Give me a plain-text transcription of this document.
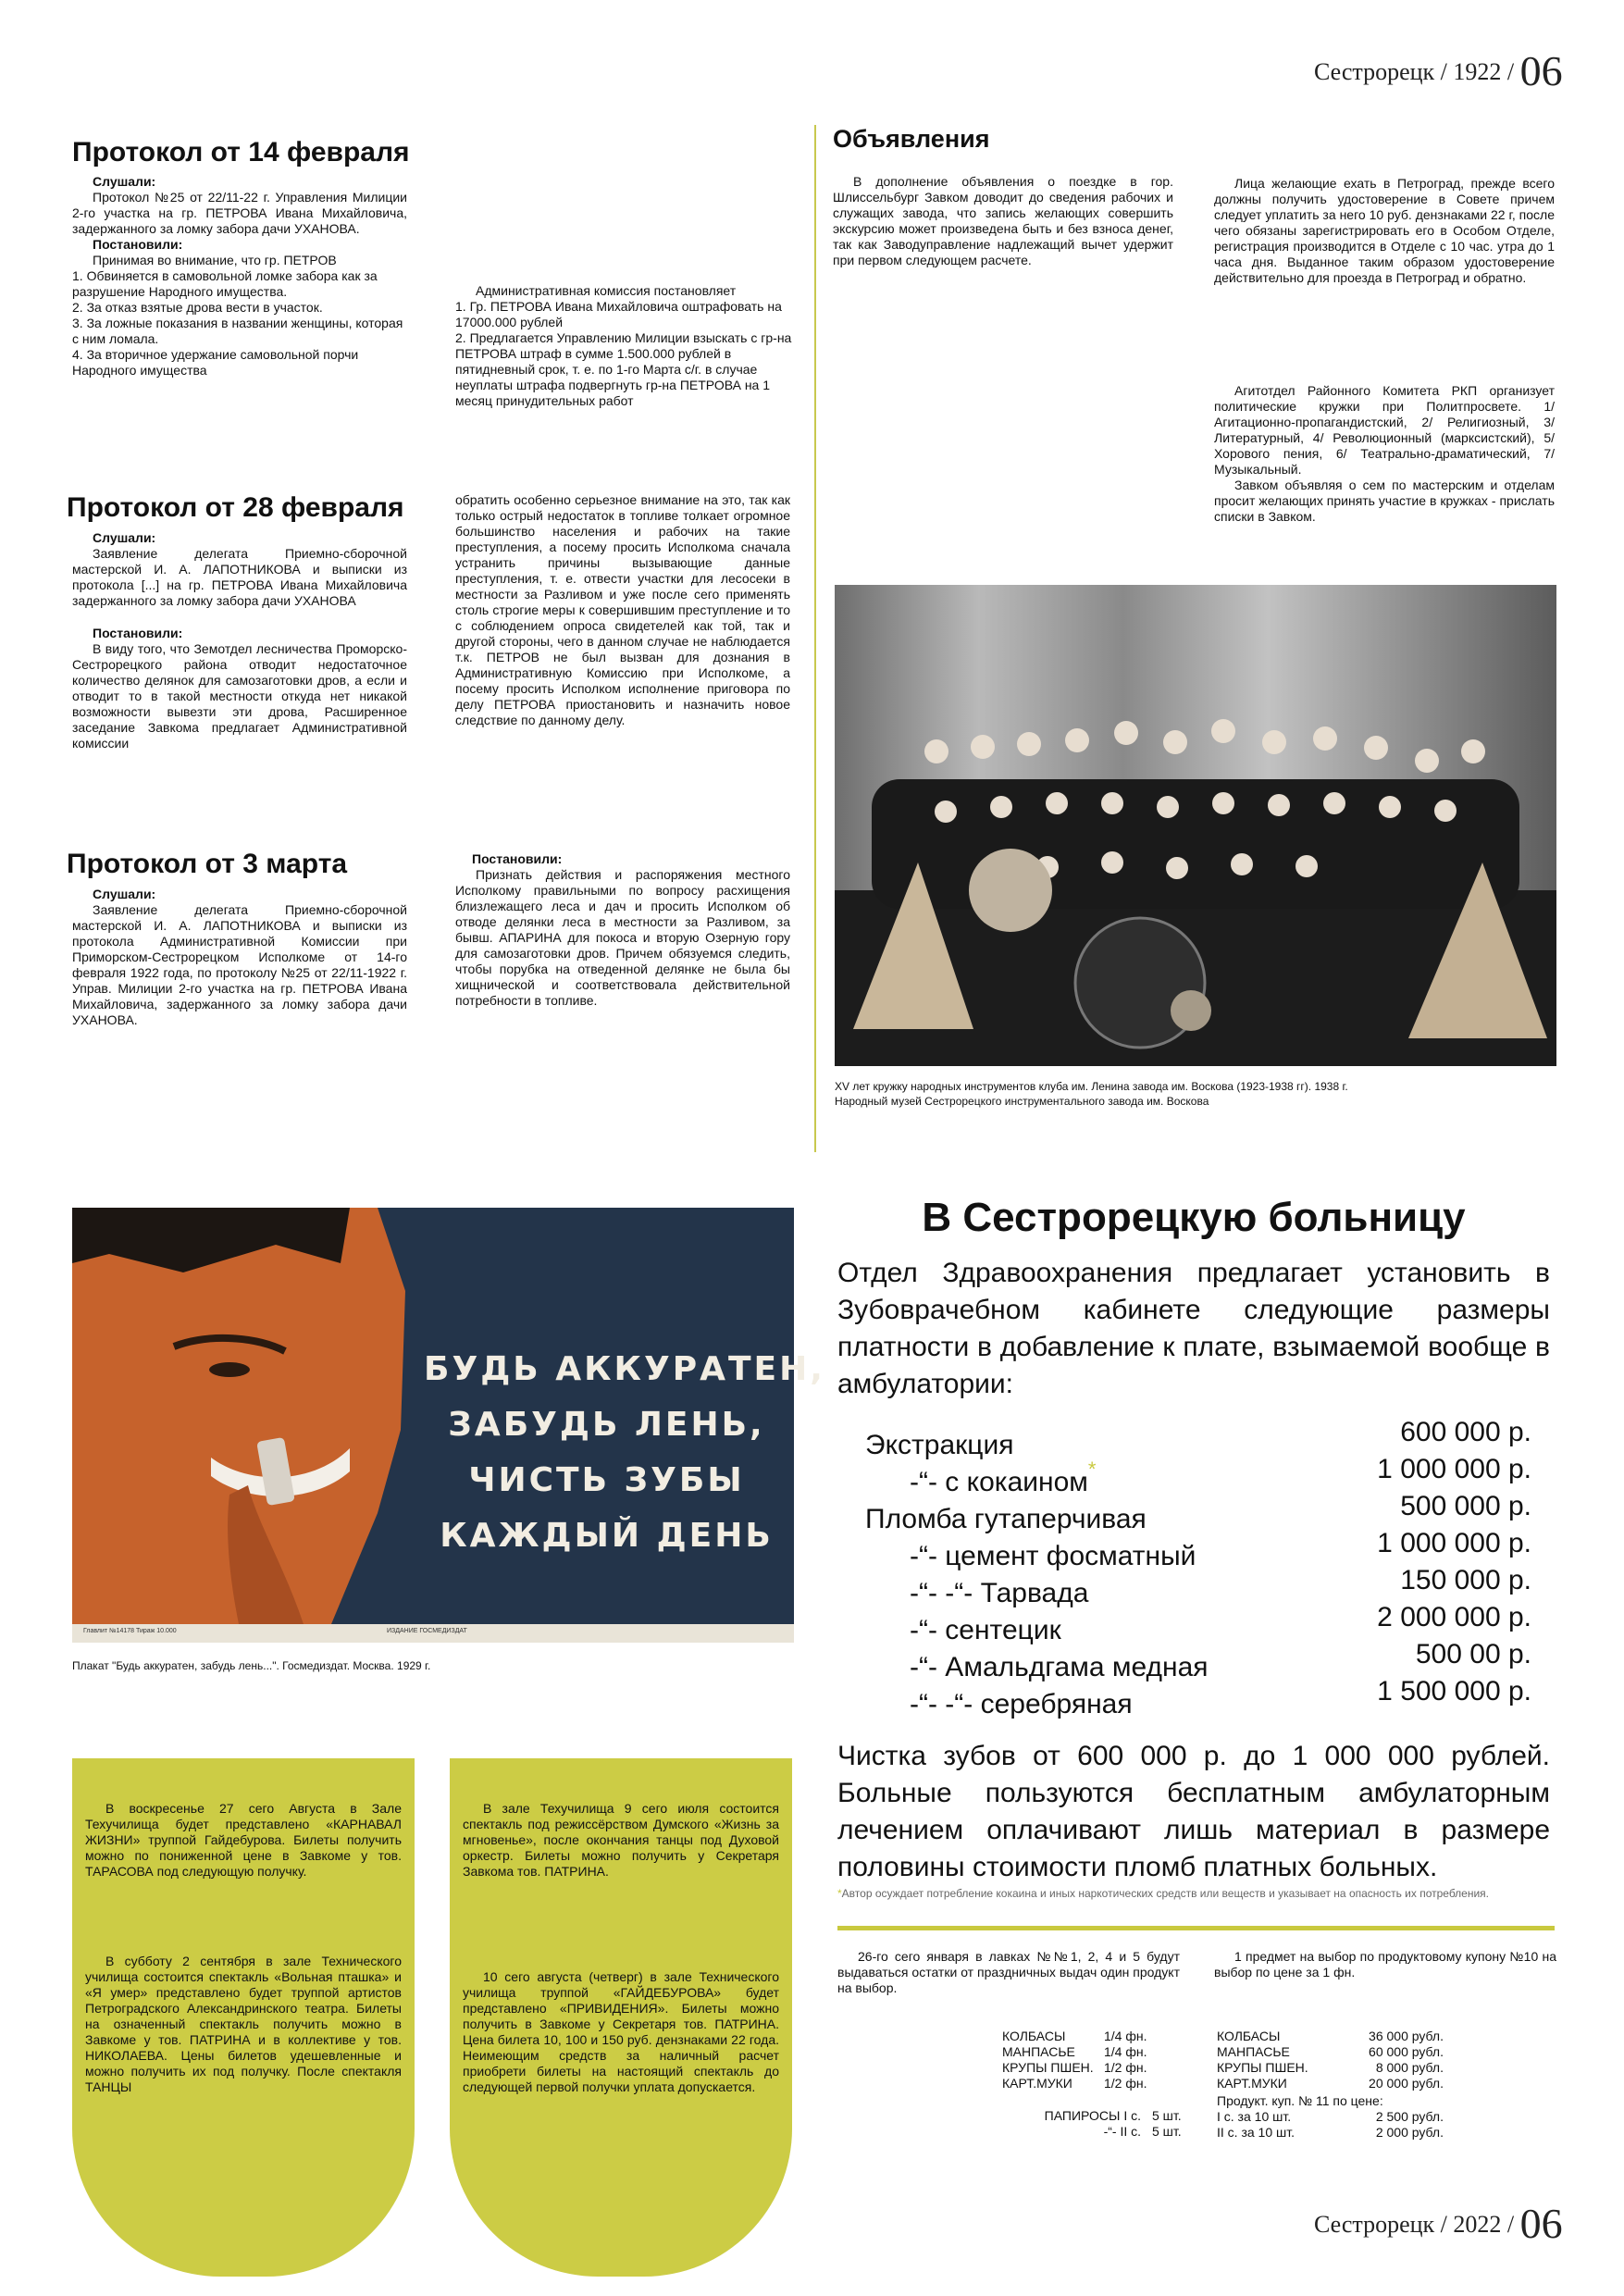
Сестрорецк / 1922 / 06
Протокол от 14 февраля
Слушали:
Протокол №25 от 22/11-22 г. Управления Милиции 2-го участка на гр. ПЕТРОВА Ивана Михайловича, задержанного за ломку забора дачи УХАНОВА.
Постановили:
Принимая во внимание, что гр. ПЕТРОВ
1. Обвиняется в самовольной ломке забора как за разрушение Народного имущества.
2. За отказ взятые дрова вести в участок.
3. За ложные показания в названии женщины, которая с ним ломала.
4. За вторичное удержание самовольной порчи Народного имущества
Административная комиссия постановляет
1. Гр. ПЕТРОВА Ивана Михайловича оштрафовать на 17000.000 рублей
2. Предлагается Управлению Милиции взыскать с гр-на ПЕТРОВА штраф в сумме 1.500.000 рублей в пятидневный срок, т. е. по 1-го Марта с/г. в случае неуплаты штрафа подвергнуть гр-на ПЕТРОВА на 1 месяц принудительных работ
Протокол от 28 февраля
Слушали:
Заявление делегата Приемно-сборочной мастерской И. А. ЛАПОТНИКОВА и выписки из протокола [...] на гр. ПЕТРОВА Ивана Михайловича задержанного за ломку забора дачи УХАНОВА
Постановили:
В виду того, что Земотдел лесничества Проморско-Сестрорецкого района отводит недостаточное количество делянок для самозаготовки дров, а если и отводит то в такой местности откуда нет никакой возможности вывезти эти дрова, Расширенное заседание Завкома предлагает Административной комиссии
обратить особенно серьезное внимание на это, так как только острый недостаток в топливе толкает огромное большинство населения и рабочих на такие преступления, а посему просить Исполкома сначала устранить причины вызывающие данные преступления, т. е. отвести участки для лесосеки в местности за Разливом и уже после сего применять столь строгие меры к совершившим преступление и то с соблюдением опроса свидетелей как той, так и другой стороны, чего в данном случае не наблюдается т.к. ПЕТРОВ не был вызван для дознания в Административную Комиссию при Исполкоме, а посему просить Исполком исполнение приговора по делу ПЕТРОВА приостановить и назначить новое следствие по данному делу.
Протокол от 3 марта
Слушали:
Заявление делегата Приемно-сборочной мастерской И. А. ЛАПОТНИКОВА и выписки из протокола Административной Комиссии при Приморском-Сестрорецком Исполкоме от 14-го февраля 1922 года, по протоколу №25 от 22/11-1922 г. Управ. Милиции 2-го участка на гр. ПЕТРОВА Ивана Михайловича, задержанного за ломку забора дачи УХАНОВА.
Постановили:
Признать действия и распоряжения местного Исполкому правильными по вопросу расхищения близлежащего леса и дач и просить Исполком об отводе делянки леса в местности за Разливом, за бывш. АПАРИНА для покоса и вторую Озерную гору для самозаготовки дров. Причем обязуемся следить, чтобы порубка на отведенной делянке не была бы хищнической и соответствовала действительной потребности в топливе.
Объявления
В дополнение объявления о поездке в гор. Шлиссельбург Завком доводит до сведения рабочих и служащих завода, что запись желающих совершить экскурсию может произведена быть и без взноса денег, так как Заводуправление надлежащий вычет удержит при первом следующем расчете.
Лица желающие ехать в Петроград, прежде всего должны получить удостоверение в Совете причем следует уплатить за него 10 руб. дензнаками 22 г, после чего обязаны зарегистрировать его в Особом Отделе, регистрация производится в Отделе с 10 час. утра до 1 часа дня. Выданное таким образом удостоверение действительно для проезда в Петроград и обратно.
Агитотдел Районного Комитета РКП организует политические кружки при Политпросвете. 1/ Агитационно-пропагандистский, 2/ Религиозный, 3/ Литературный, 4/ Революционный (марксистский), 5/ Хорового пения, 6/ Театрально-драматический, 7/ Музыкальный.
Завком объявляя о сем по мастерским и отделам просит желающих принять участие в кружках - прислать списки в Завком.
XV лет кружку народных инструментов клуба им. Ленина завода им. Воскова (1923-1938 гг). 1938 г.
Народный музей Сестрорецкого инструментального завода им. Воскова
БУДЬ АККУРАТЕН,
ЗАБУДЬ ЛЕНЬ,
ЧИСТЬ ЗУБЫ
КАЖДЫЙ ДЕНЬ
Главлит №14178 Тираж 10.000	ИЗДАНИЕ ГОСМЕДИЗДАТ
Плакат "Будь аккуратен, забудь лень...". Госмедиздат. Москва. 1929 г.
В воскресенье 27 сего Августа в Зале Техучилища будет представлено «КАРНАВАЛ ЖИЗНИ» труппой Гайдебурова. Билеты получить можно по пониженной цене в Завкоме у тов. ТАРАСОВА под следующую получку.
В субботу 2 сентября в зале Технического училища состоится спектакль «Вольная пташка» и «Я умер» представлено будет труппой артистов Петроградского Александринского театра. Билеты на означенный спектакль получить можно в Завкоме у тов. ПАТРИНА и в коллективе у тов. НИКОЛАЕВА. Цены билетов удешевленные и можно получить их под получку. После спектакля ТАНЦЫ
В зале Техучилища 9 сего июля состоится спектакль под режиссёрством Думского «Жизнь за мгновенье», после окончания танцы под Духовой оркестр. Билеты можно получить у Секретаря Завкома тов. ПАТРИНА.
10 сего августа (четверг) в зале Технического училища труппой «ГАЙДЕБУРОВА» будет представлено «ПРИВИДЕНИЯ». Билеты можно получить в Завкоме у Секретаря тов. ПАТРИНА. Цена билета 10, 100 и 150 руб. дензнаками 22 года. Неимеющим средств за наличный расчет приобрети билеты на настоящий спектакль до следующей первой получки уплата допускается.
В Сестрорецкую больницу
Отдел Здравоохранения предлагает установить в Зубоврачебном кабинете следующие размеры платности в добавление к плате, взымаемой вообще в амбулатории:
Экстракция	600 000 р.
-“- с кокаином*	1 000 000 р.
Пломба гутаперчивая	500 000 р.
-“- цемент фосматный	1 000 000 р.
-“- -“- Тарвада	150 000 р.
-“- сентецик	2 000 000 р.
-“- Амальдгама медная	500 00 р.
-“- -“- серебряная	1 500 000 р.
Чистка зубов от 600 000 р. до 1 000 000 рублей. Больные пользуются бесплатным амбулаторным лечением оплачивают лишь материал в размере половины стоимости пломб платных больных.
*Автор осуждает потребление кокаина и иных наркотических средств или веществ и указывает на опасность их потребления.
26-го сего января в лавках №№1, 2, 4 и 5 будут выдаваться остатки от праздничных выдач один продукт на выбор.
КОЛБАСЫ	1/4 фн.
МАНПАСЬЕ	1/4 фн.
КРУПЫ ПШЕН.	1/2 фн.
КАРТ.МУКИ	1/2 фн.
ПАПИРОСЫ I с.	5 шт.
-“- II с.	5 шт.
1 предмет на выбор по продуктовому купону №10 на выбор по цене за 1 фн.
КОЛБАСЫ	36 000 рубл.
МАНПАСЬЕ	60 000 рубл.
КРУПЫ ПШЕН.	8 000 рубл.
КАРТ.МУКИ	20 000 рубл.
Продукт. куп. № 11 по цене:
I с. за 10 шт.	2 500 рубл.
II с. за 10 шт.	2 000 рубл.
Сестрорецк / 2022 / 06
